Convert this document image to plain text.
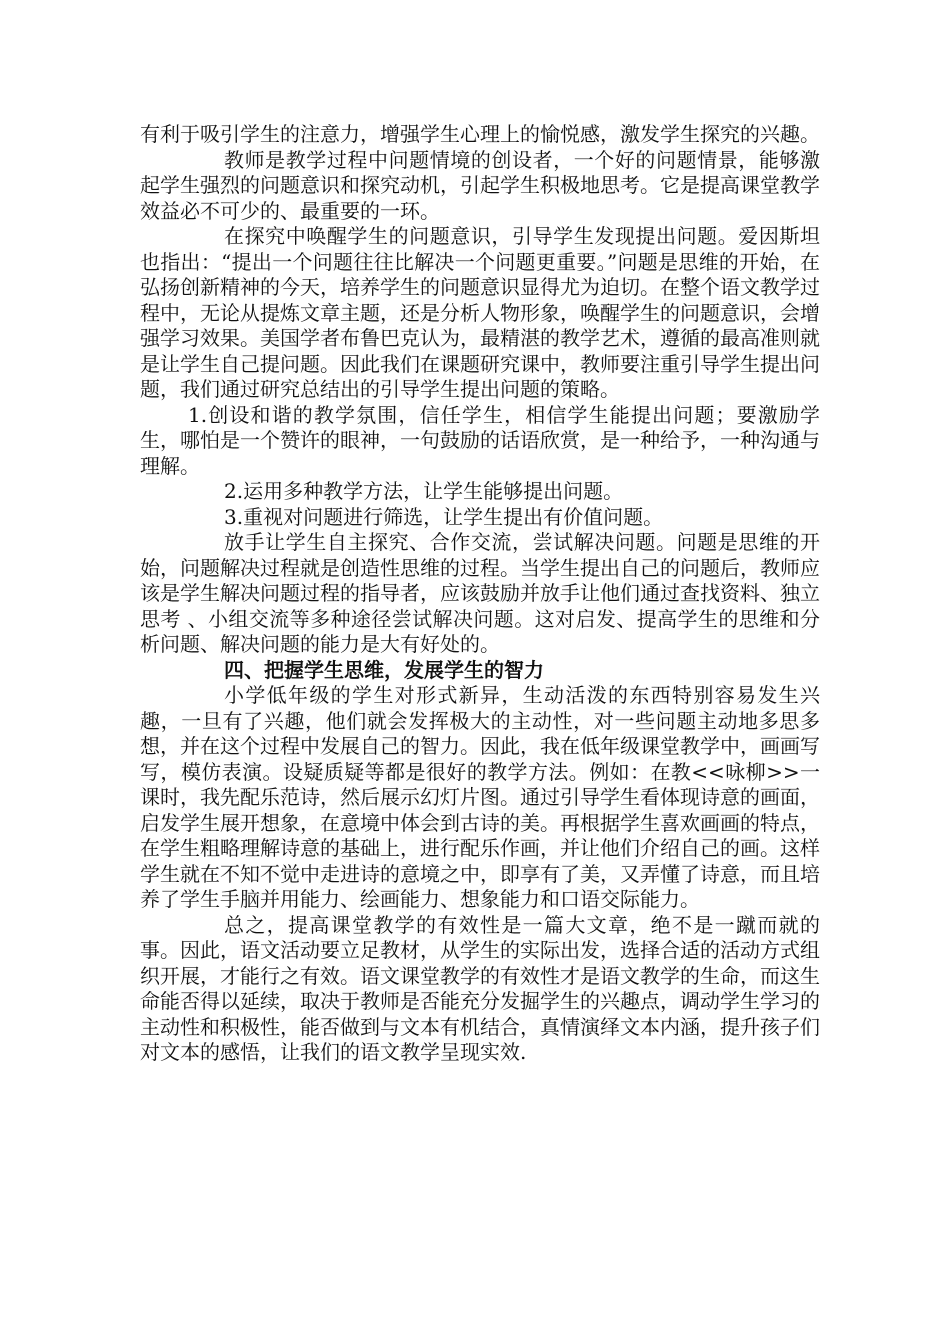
有利于吸引学生的注意力，增强学生心理上的愉悦感，激发学生探究的兴趣。

教师是教学过程中问题情境的创设者，一个好的问题情景，能够激起学生强烈的问题意识和探究动机，引起学生积极地思考。它是提高课堂教学效益必不可少的、最重要的一环。

在探究中唤醒学生的问题意识，引导学生发现提出问题。爱因斯坦也指出：“提出一个问题往往比解决一个问题更重要。”问题是思维的开始，在弘扬创新精神的今天，培养学生的问题意识显得尤为迫切。在整个语文教学过程中，无论从提炼文章主题，还是分析人物形象，唤醒学生的问题意识，会增强学习效果。美国学者布鲁巴克认为，最精湛的教学艺术，遵循的最高准则就是让学生自己提问题。因此我们在课题研究课中，教师要注重引导学生提出问题，我们通过研究总结出的引导学生提出问题的策略。

1.创设和谐的教学氛围，信任学生，相信学生能提出问题；要激励学生，哪怕是一个赞许的眼神，一句鼓励的话语欣赏，是一种给予，一种沟通与理解。

2.运用多种教学方法，让学生能够提出问题。

3.重视对问题进行筛选，让学生提出有价值问题。

放手让学生自主探究、合作交流，尝试解决问题。问题是思维的开始，问题解决过程就是创造性思维的过程。当学生提出自己的问题后，教师应该是学生解决问题过程的指导者，应该鼓励并放手让他们通过查找资料、独立思考 、小组交流等多种途径尝试解决问题。这对启发、提高学生的思维和分析问题、解决问题的能力是大有好处的。

四、把握学生思维，发展学生的智力

小学低年级的学生对形式新异，生动活泼的东西特别容易发生兴趣，一旦有了兴趣，他们就会发挥极大的主动性，对一些问题主动地多思多想，并在这个过程中发展自己的智力。因此，我在低年级课堂教学中，画画写写，模仿表演。设疑质疑等都是很好的教学方法。例如：在教<<咏柳>>一课时，我先配乐范诗，然后展示幻灯片图。通过引导学生看体现诗意的画面，启发学生展开想象，在意境中体会到古诗的美。再根据学生喜欢画画的特点，在学生粗略理解诗意的基础上，进行配乐作画，并让他们介绍自己的画。这样学生就在不知不觉中走进诗的意境之中，即享有了美，又弄懂了诗意，而且培养了学生手脑并用能力、绘画能力、想象能力和口语交际能力。

总之，提高课堂教学的有效性是一篇大文章，绝不是一蹴而就的事。因此，语文活动要立足教材，从学生的实际出发，选择合适的活动方式组织开展，才能行之有效。语文课堂教学的有效性才是语文教学的生命，而这生命能否得以延续，取决于教师是否能充分发掘学生的兴趣点，调动学生学习的主动性和积极性，能否做到与文本有机结合，真情演绎文本内涵，提升孩子们对文本的感悟，让我们的语文教学呈现实效.
